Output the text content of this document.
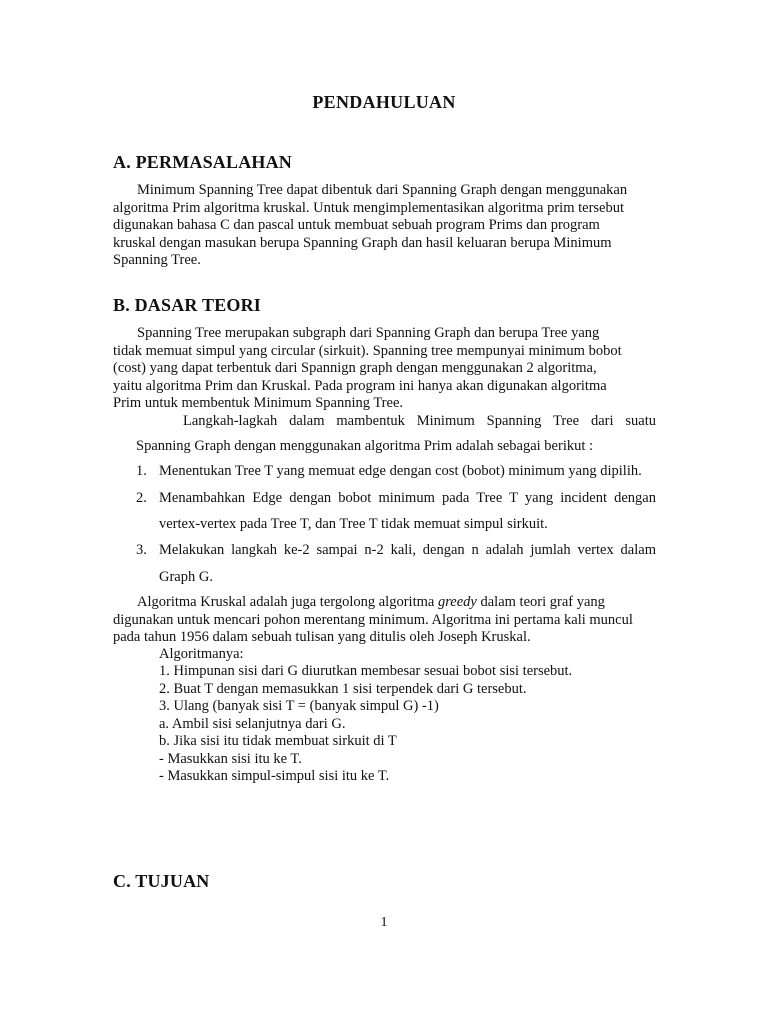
PENDAHULUAN
A. PERMASALAHAN

Minimum Spanning Tree dapat dibentuk dari Spanning Graph dengan menggunakan algoritma Prim algoritma kruskal. Untuk mengimplementasikan algoritma prim tersebut digunakan bahasa C dan pascal untuk membuat sebuah program Prims dan program kruskal dengan masukan berupa Spanning Graph dan hasil keluaran berupa Minimum Spanning Tree.

B. DASAR TEORI

Spanning Tree merupakan subgraph dari Spanning Graph dan berupa Tree yang tidak memuat simpul yang circular (sirkuit). Spanning tree mempunyai minimum bobot (cost) yang dapat terbentuk dari Spannign graph dengan menggunakan 2 algoritma, yaitu algoritma Prim dan Kruskal. Pada program ini hanya akan digunakan algoritma Prim untuk membentuk Minimum Spanning Tree.

Langkah-lagkah dalam mambentuk Minimum Spanning Tree dari suatu

Spanning Graph dengan menggunakan algoritma Prim adalah sebagai berikut :

1. Menentukan Tree T yang memuat edge dengan cost (bobot) minimum yang dipilih.
2. Menambahkan Edge dengan bobot minimum pada Tree T yang incident dengan
vertex-vertex pada Tree T, dan Tree T tidak memuat simpul sirkuit.
3. Melakukan langkah ke-2 sampai n-2 kali, dengan n adalah jumlah vertex dalam
Graph G.

Algoritma Kruskal adalah juga tergolong algoritma greedy dalam teori graf yang digunakan untuk mencari pohon merentang minimum. Algoritma ini pertama kali muncul pada tahun 1956 dalam sebuah tulisan yang ditulis oleh Joseph Kruskal.

Algoritmanya:

1. Himpunan sisi dari G diurutkan membesar sesuai bobot sisi tersebut.
2. Buat T dengan memasukkan 1 sisi terpendek dari G tersebut.
3. Ulang (banyak sisi T = (banyak simpul G) -1)
a. Ambil sisi selanjutnya dari G.
b. Jika sisi itu tidak membuat sirkuit di T
- Masukkan sisi itu ke T.
- Masukkan simpul-simpul sisi itu ke T.
C. TUJUAN
1
